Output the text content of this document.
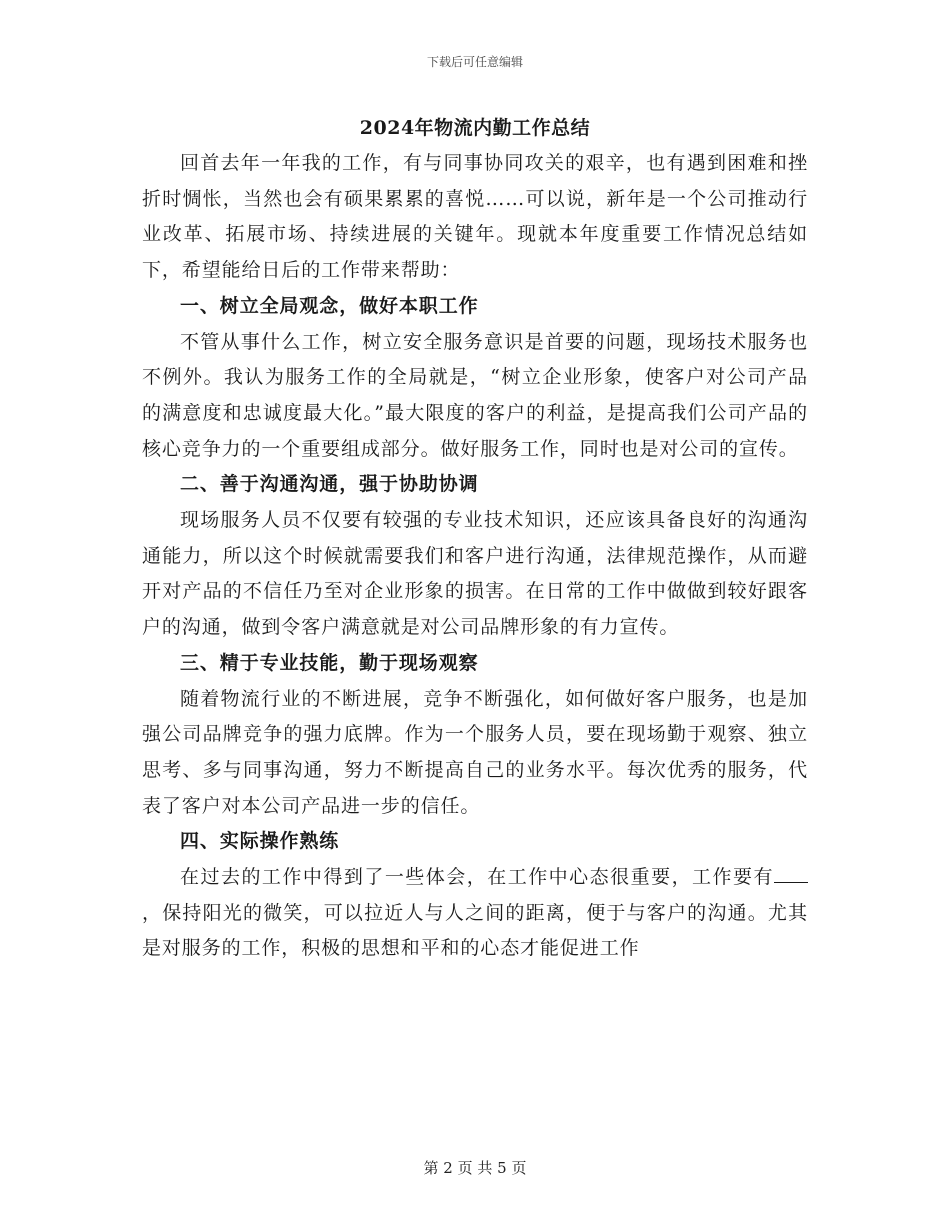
下载后可任意编辑
2024年物流内勤工作总结

回首去年一年我的工作，有与同事协同攻关的艰辛，也有遇到困难和挫折时惆怅，当然也会有硕果累累的喜悦……可以说，新年是一个公司推动行业改革、拓展市场、持续进展的关键年。现就本年度重要工作情况总结如下，希望能给日后的工作带来帮助：

一、树立全局观念，做好本职工作

不管从事什么工作，树立安全服务意识是首要的问题，现场技术服务也不例外。我认为服务工作的全局就是，“树立企业形象，使客户对公司产品的满意度和忠诚度最大化。”最大限度的客户的利益，是提高我们公司产品的核心竞争力的一个重要组成部分。做好服务工作，同时也是对公司的宣传。

二、善于沟通沟通，强于协助协调

现场服务人员不仅要有较强的专业技术知识，还应该具备良好的沟通沟通能力，所以这个时候就需要我们和客户进行沟通，法律规范操作，从而避开对产品的不信任乃至对企业形象的损害。在日常的工作中做做到较好跟客户的沟通，做到令客户满意就是对公司品牌形象的有力宣传。

三、精于专业技能，勤于现场观察

随着物流行业的不断进展，竞争不断强化，如何做好客户服务，也是加强公司品牌竞争的强力底牌。作为一个服务人员，要在现场勤于观察、独立思考、多与同事沟通，努力不断提高自己的业务水平。每次优秀的服务，代表了客户对本公司产品进一步的信任。

四、实际操作熟练

在过去的工作中得到了一些体会，在工作中心态很重要，工作要有，保持阳光的微笑，可以拉近人与人之间的距离，便于与客户的沟通。尤其是对服务的工作，积极的思想和平和的心态才能促进工作

第 2 页 共 5 页
